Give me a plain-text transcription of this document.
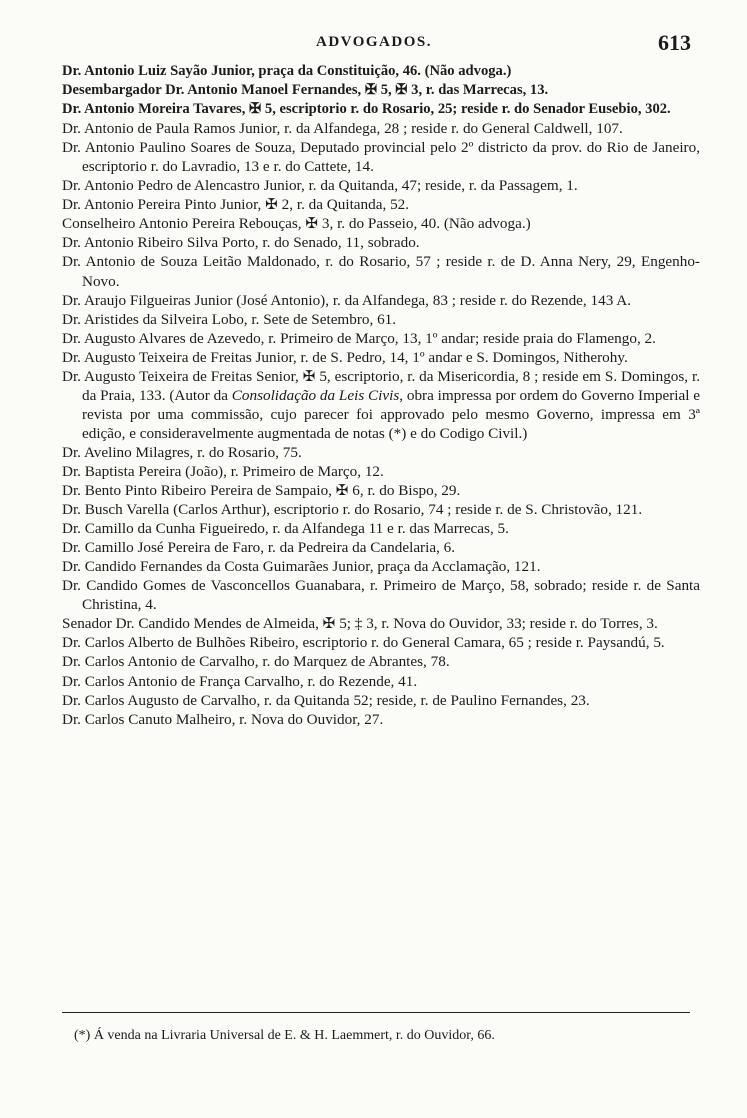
ADVOGADOS.	613

Dr. Antonio Luiz Sayão Junior, praça da Constituição, 46. (Não advoga.)

Desembargador Dr. Antonio Manoel Fernandes, ✠ 5, ✠ 3, r. das Marrecas, 13.

Dr. Antonio Moreira Tavares, ✠ 5, escriptorio r. do Rosario, 25; reside r. do Senador Eusebio, 302.

Dr. Antonio de Paula Ramos Junior, r. da Alfandega, 28 ; reside r. do General Caldwell, 107.

Dr. Antonio Paulino Soares de Souza, Deputado provincial pelo 2º districto da prov. do Rio de Janeiro, escriptorio r. do Lavradio, 13 e r. do Cattete, 14.

Dr. Antonio Pedro de Alencastro Junior, r. da Quitanda, 47; reside, r. da Passagem, 1.

Dr. Antonio Pereira Pinto Junior, ✠ 2, r. da Quitanda, 52.

Conselheiro Antonio Pereira Rebouças, ✠ 3, r. do Passeio, 40. (Não advoga.)

Dr. Antonio Ribeiro Silva Porto, r. do Senado, 11, sobrado.

Dr. Antonio de Souza Leitão Maldonado, r. do Rosario, 57 ; reside r. de D. Anna Nery, 29, Engenho-Novo.

Dr. Araujo Filgueiras Junior (José Antonio), r. da Alfandega, 83 ; reside r. do Rezende, 143 A.

Dr. Aristides da Silveira Lobo, r. Sete de Setembro, 61.

Dr. Augusto Alvares de Azevedo, r. Primeiro de Março, 13, 1º andar; reside praia do Flamengo, 2.

Dr. Augusto Teixeira de Freitas Junior, r. de S. Pedro, 14, 1º andar e S. Domingos, Nitherohy.

Dr. Augusto Teixeira de Freitas Senior, ✠ 5, escriptorio, r. da Misericordia, 8 ; reside em S. Domingos, r. da Praia, 133. (Autor da Consolidação da Leis Civis, obra impressa por ordem do Governo Imperial e revista por uma commissão, cujo parecer foi approvado pelo mesmo Governo, impressa em 3ª edição, e consideravelmente augmentada de notas (*) e do Codigo Civil.)

Dr. Avelino Milagres, r. do Rosario, 75.

Dr. Baptista Pereira (João), r. Primeiro de Março, 12.

Dr. Bento Pinto Ribeiro Pereira de Sampaio, ✠ 6, r. do Bispo, 29.

Dr. Busch Varella (Carlos Arthur), escriptorio r. do Rosario, 74 ; reside r. de S. Christovão, 121.

Dr. Camillo da Cunha Figueiredo, r. da Alfandega 11 e r. das Marrecas, 5.

Dr. Camillo José Pereira de Faro, r. da Pedreira da Candelaria, 6.

Dr. Candido Fernandes da Costa Guimarães Junior, praça da Acclamação, 121.

Dr. Candido Gomes de Vasconcellos Guanabara, r. Primeiro de Março, 58, sobrado; reside r. de Santa Christina, 4.

Senador Dr. Candido Mendes de Almeida, ✠ 5; ‡ 3, r. Nova do Ouvidor, 33; reside r. do Torres, 3.

Dr. Carlos Alberto de Bulhões Ribeiro, escriptorio r. do General Camara, 65 ; reside r. Paysandú, 5.

Dr. Carlos Antonio de Carvalho, r. do Marquez de Abrantes, 78.

Dr. Carlos Antonio de França Carvalho, r. do Rezende, 41.

Dr. Carlos Augusto de Carvalho, r. da Quitanda 52; reside, r. de Paulino Fernandes, 23.

Dr. Carlos Canuto Malheiro, r. Nova do Ouvidor, 27.

(*) Á venda na Livraria Universal de E. & H. Laemmert, r. do Ouvidor, 66.
